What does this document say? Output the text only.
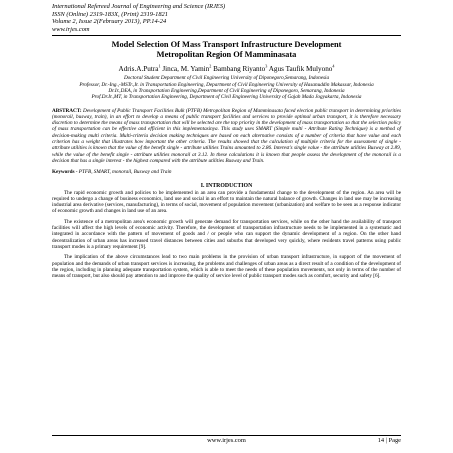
International Refereed Journal of Engineering and Science (IRJES)
ISSN (Online) 2319-183X, (Print) 2319-1821
Volume 2, Issue 2(February 2013), PP.14-24
www.irjes.com
Model Selection Of Mass Transport Infrastructure Development
Metropolitan Region Of Mamminasata
Adris.A.Putra$^1$ Jinca, M. Yamin$^2$ Bambang Riyanto$^3$ Agus Taufik Mulyono$^4$
Doctoral Student Department of Civil Engineering University of Diponegoro,Semarang, Indonesia
Professor, Dr.-Ing.,-MSTr.,Ir. in Transportation Engineering, Department of Civil Engineering University of Hasanuddin Makassar, Indonesia
Dr.Ir.,DEA, in Transportation Engineering,Department of Civil Engineering of Diponegoro, Semarang, Indonesia
Prof.Dr.Ir.,MT, in Transportation Engineering, Department of Civil Engineering University of Gajah Mada Jogyakarta, Indonesia
ABSTRACT: Development of Public Transport Facilities Bulk (PTFB) Metropolitan Region of Mamminasata faced election public transport in determining priorities (monorail, busway, train), in an effort to develop a means of public transport facilities and services to provide optimal urban transport, it is therefore necessary discretion to determine the means of mass transportation that will be selected are the top priority in the development of mass transportation so that the selection policy of mass transportation can be effective and efficient in this implementasinya. This study uses SMART (Simple multi - Attribute Rating Technique) is a method of decision-making multi criteria. Multi-criteria decision making techniques are based on each alternative consists of a number of criteria that have value and each criterion has a weight that illustrates how important the other criteria. The results showed that the calculation of multiple criteria for the assessment of single - attribute utilities is known that the value of the benefit single - attribute utilities Trains amounted to 2.86. Interest's single value - the attribute utilities Busway at 2.89, while the value of the benefit single - attribute utilities monorail at 3.12. In these calculations it is known that people assess the development of the monorail is a decision that has a single interest - the highest compared with the attribute utilities Busway and Train.
Keywords - PTFB, SMART, monorail, Busway and Train
I. INTRODUCTION

The rapid economic growth and policies to be implemented in an area can provide a fundamental change to the development of the region. An area will be required to undergo a change of business economics, land use and social in an effort to maintain the natural balance of growth. Changes in land use may be increasing industrial area derivative (services, manufacturing), in terms of social, movement of population movement (urbanization) and welfare to be seen as a response indicator of economic growth and changes in land use of an area.

The existence of a metropolitan area's economic growth will generate demand for transportation services, while on the other hand the availability of transport facilities will affect the high levels of economic activity. Therefore, the development of transportation infrastructure needs to be implemented in a systematic and integrated in accordance with the pattern of movement of goods and / or people who can support the dynamic development of a region. On the other hand decentralization of urban areas has increased travel distances between cities and suburbs that developed very quickly, where residents travel patterns using public transport modes is a primary requirement [9].

The implication of the above circumstances lead to two main problems in the provision of urban transport infrastructure, in support of the movement of population and the demands of urban transport services is increasing, the problems and challenges of urban areas as a direct result of a condition of the development of the region, including in planning adequate transportation system, which is able to meet the needs of these population movements, not only in terms of the number of means of transport, but also should pay attention to and improve the quality of service level of public transport modes such as comfort, security and safety [6].

www.irjes.com	14 | Page
